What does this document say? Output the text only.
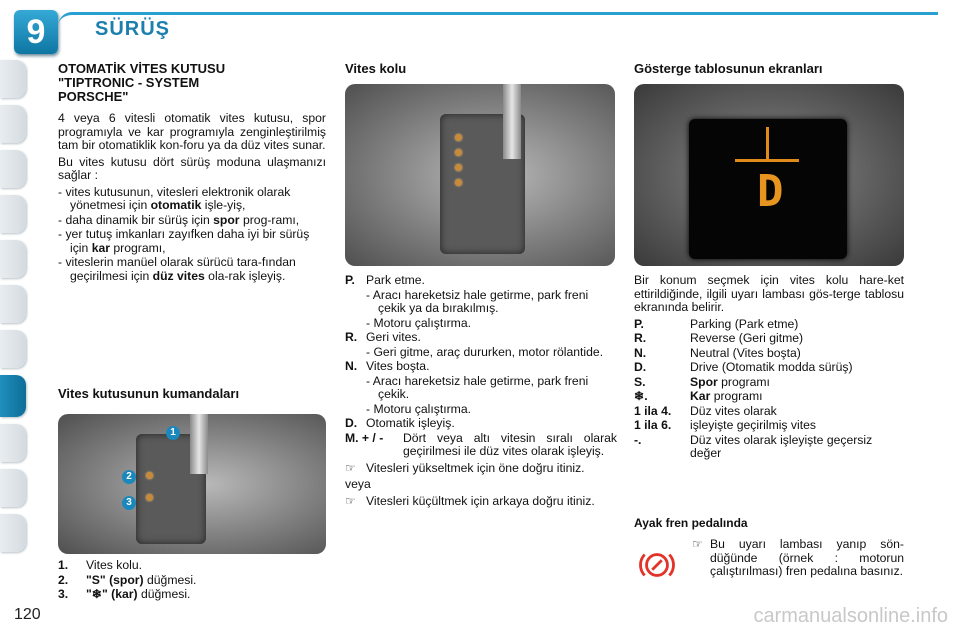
9	SÜRÜŞ
OTOMATİK VİTES KUTUSU
"TIPTRONIC - SYSTEM
PORSCHE"

4 veya 6 vitesli otomatik vites kutusu, spor programıyla ve kar programıyla zenginleştirilmiş tam bir otomatiklik kon-foru ya da düz vites sunar.

Bu vites kutusu dört sürüş moduna ulaşmanızı sağlar :

- vites kutusunun, vitesleri elektronik olarak yönetmesi için otomatik işle-yiş,
- daha dinamik bir sürüş için spor prog-ramı,
- yer tutuş imkanları zayıfken daha iyi bir sürüş için kar programı,
- viteslerin manüel olarak sürücü tara-fından geçirilmesi için düz vites ola-rak işleyiş.
Vites kutusunun kumandaları
1
2
3
1.	Vites kolu.
2.	"S" (spor) düğmesi.
3.	"❄" (kar) düğmesi.
Vites kolu
P. Park etme.
- Aracı hareketsiz hale getirme, park freni çekik ya da bırakılmış.
- Motoru çalıştırma.
R. Geri vites.
- Geri gitme, araç dururken, motor rölantide.
N. Vites boşta.
- Aracı hareketsiz hale getirme, park freni çekik.
- Motoru çalıştırma.
D. Otomatik işleyiş.
M. + / -	Dört veya altı vitesin sıralı olarak geçirilmesi ile düz vites olarak işleyiş.
☞ Vitesleri yükseltmek için öne doğru itiniz.

veya

☞ Vitesleri küçültmek için arkaya doğru itiniz.
Gösterge tablosunun ekranları
D

Bir konum seçmek için vites kolu hare-ket ettirildiğinde, ilgili uyarı lambası gös-terge tablosu ekranında belirir.

P.	Parking (Park etme)
R.	Reverse (Geri gitme)
N.	Neutral (Vites boşta)
D.	Drive (Otomatik modda sürüş)
S.	Spor programı
❄.	Kar programı
1 ila 4.	Düz vites olarak
1 ila 6.	işleyişte geçirilmiş vites
-.	Düz vites olarak işleyişte geçersiz değer
Ayak fren pedalında
☞ Bu uyarı lambası yanıp sön-düğünde (örnek : motorun çalıştırılması) fren pedalına basınız.
120	carmanualsonline.info
